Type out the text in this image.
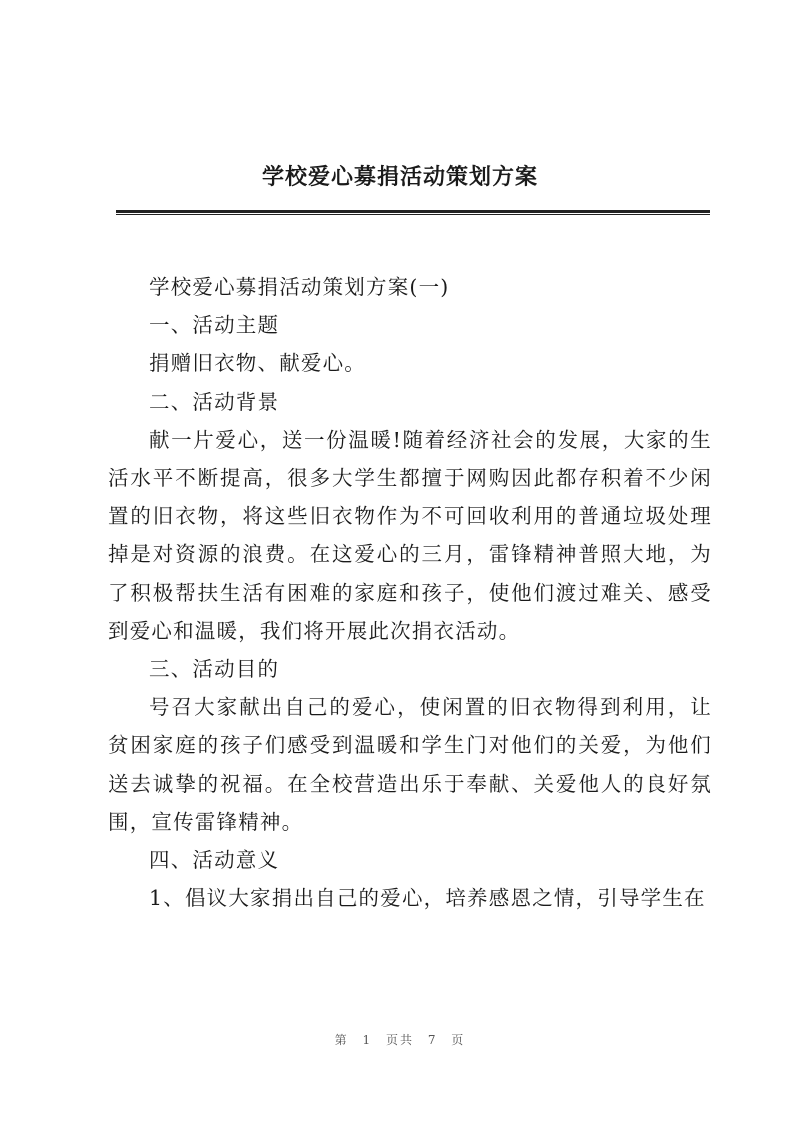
学校爱心募捐活动策划方案

学校爱心募捐活动策划方案(一)

一、活动主题

捐赠旧衣物、献爱心。

二、活动背景

献一片爱心，送一份温暖!随着经济社会的发展，大家的生活水平不断提高，很多大学生都擅于网购因此都存积着不少闲置的旧衣物，将这些旧衣物作为不可回收利用的普通垃圾处理掉是对资源的浪费。在这爱心的三月，雷锋精神普照大地，为了积极帮扶生活有困难的家庭和孩子，使他们渡过难关、感受到爱心和温暖，我们将开展此次捐衣活动。

三、活动目的

号召大家献出自己的爱心，使闲置的旧衣物得到利用，让贫困家庭的孩子们感受到温暖和学生门对他们的关爱，为他们送去诚挚的祝福。在全校营造出乐于奉献、关爱他人的良好氛围，宣传雷锋精神。

四、活动意义

1、倡议大家捐出自己的爱心，培养感恩之情，引导学生在

第 1 页共 7 页
